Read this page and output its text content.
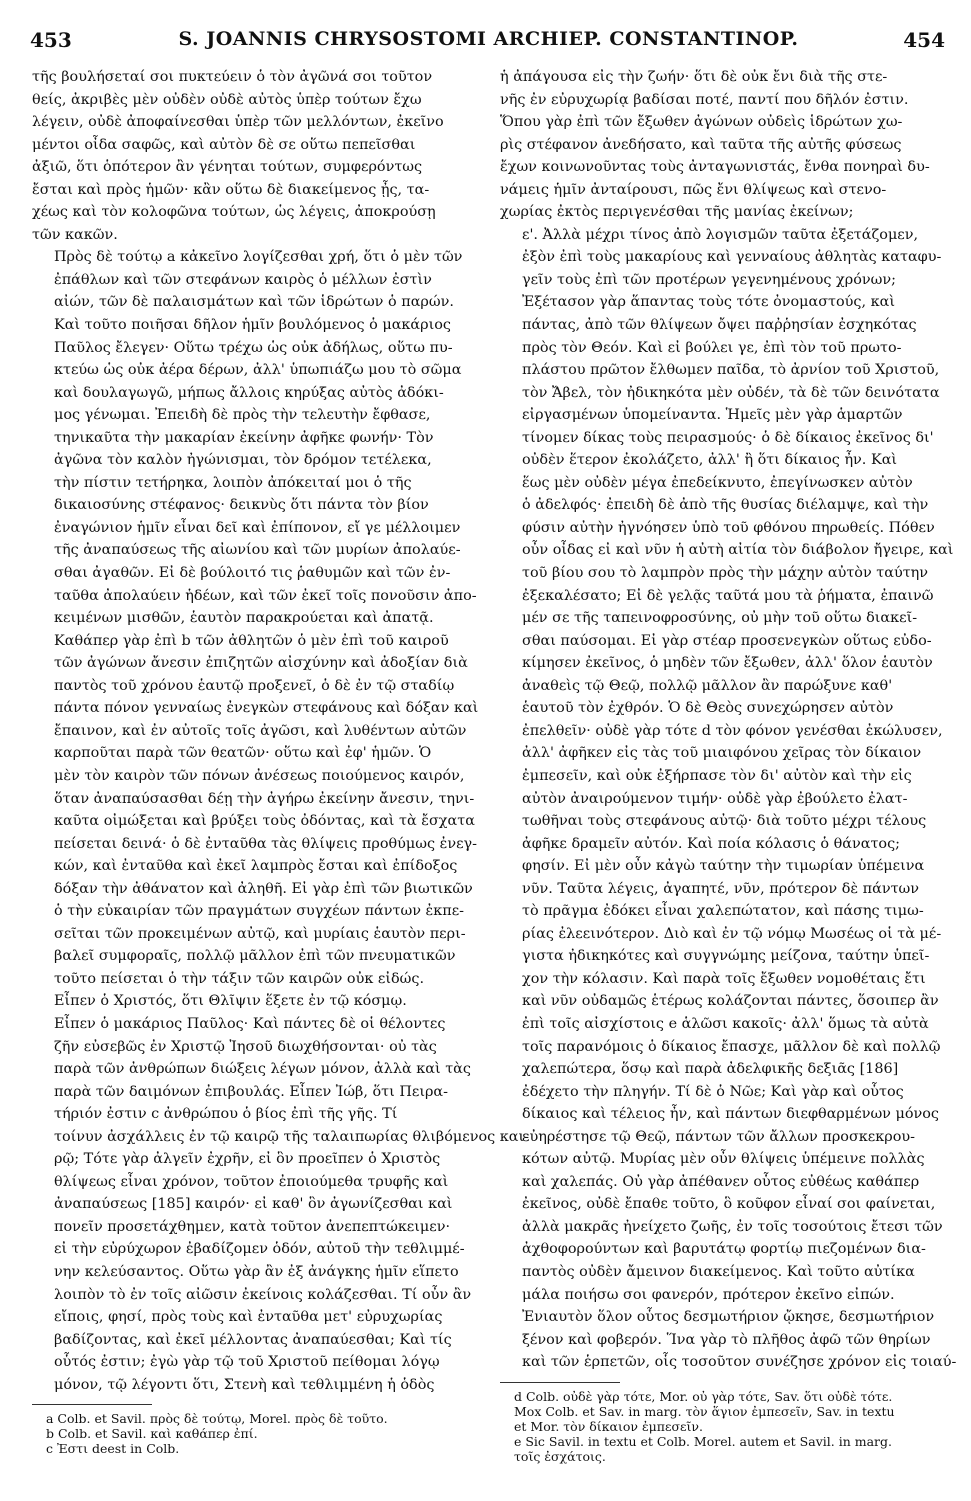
453	S. JOANNIS CHRYSOSTOMI ARCHIEP. CONSTANTINOP.	454
τῆς βουλήσεταί σοι πυκτεύειν ὁ τὸν ἀγῶνά σοι τοῦτον
θείς, ἀκριβὲς μὲν οὐδὲν οὐδὲ αὐτὸς ὑπὲρ τούτων ἔχω
λέγειν, οὐδὲ ἀποφαίνεσθαι ὑπὲρ τῶν μελλόντων, ἐκεῖνο
μέντοι οἶδα σαφῶς, καὶ αὐτὸν δὲ σε οὕτω πεπεῖσθαι
ἀξιῶ, ὅτι ὁπότερον ἂν γένηται τούτων, συμφερόντως
ἔσται καὶ πρὸς ἡμῶν· κἂν οὕτω δὲ διακείμενος ᾖς, τα-
χέως καὶ τὸν κολοφῶνα τούτων, ὡς λέγεις, ἀποκρούσῃ
τῶν κακῶν.
Πρὸς δὲ τούτῳ a κἀκεῖνο λογίζεσθαι χρή, ὅτι ὁ μὲν τῶν
ἐπάθλων καὶ τῶν στεφάνων καιρὸς ὁ μέλλων ἐστὶν
αἰών, τῶν δὲ παλαισμάτων καὶ τῶν ἱδρώτων ὁ παρών.
Καὶ τοῦτο ποιῆσαι δῆλον ἡμῖν βουλόμενος ὁ μακάριος
Παῦλος ἔλεγεν· Οὕτω τρέχω ὡς οὐκ ἀδήλως, οὕτω πυ-
κτεύω ὡς οὐκ ἀέρα δέρων, ἀλλ' ὑπωπιάζω μου τὸ σῶμα
καὶ δουλαγωγῶ, μήπως ἄλλοις κηρύξας αὐτὸς ἀδόκι-
μος γένωμαι. Ἐπειδὴ δὲ πρὸς τὴν τελευτὴν ἔφθασε,
τηνικαῦτα τὴν μακαρίαν ἐκείνην ἀφῆκε φωνήν· Τὸν
ἀγῶνα τὸν καλὸν ἠγώνισμαι, τὸν δρόμον τετέλεκα,
τὴν πίστιν τετήρηκα, λοιπὸν ἀπόκειταί μοι ὁ τῆς
δικαιοσύνης στέφανος· δεικνὺς ὅτι πάντα τὸν βίον
ἐναγώνιον ἡμῖν εἶναι δεῖ καὶ ἐπίπονον, εἴ γε μέλλοιμεν
τῆς ἀναπαύσεως τῆς αἰωνίου καὶ τῶν μυρίων ἀπολαύε-
σθαι ἀγαθῶν. Εἰ δὲ βούλοιτό τις ῥαθυμῶν καὶ τῶν ἐν-
ταῦθα ἀπολαύειν ἡδέων, καὶ τῶν ἐκεῖ τοῖς πονοῦσιν ἀπο-
κειμένων μισθῶν, ἑαυτὸν παρακρούεται καὶ ἀπατᾷ.
Καθάπερ γὰρ ἐπὶ b τῶν ἀθλητῶν ὁ μὲν ἐπὶ τοῦ καιροῦ
τῶν ἀγώνων ἄνεσιν ἐπιζητῶν αἰσχύνην καὶ ἀδοξίαν διὰ
παντὸς τοῦ χρόνου ἑαυτῷ προξενεῖ, ὁ δὲ ἐν τῷ σταδίῳ
πάντα πόνον γενναίως ἐνεγκὼν στεφάνους καὶ δόξαν καὶ
ἔπαινον, καὶ ἐν αὐτοῖς τοῖς ἀγῶσι, καὶ λυθέντων αὐτῶν
καρποῦται παρὰ τῶν θεατῶν· οὕτω καὶ ἐφ' ἡμῶν. Ὁ
μὲν τὸν καιρὸν τῶν πόνων ἀνέσεως ποιούμενος καιρόν,
ὅταν ἀναπαύσασθαι δέῃ τὴν ἀγήρω ἐκείνην ἄνεσιν, τηνι-
καῦτα οἰμώξεται καὶ βρύξει τοὺς ὀδόντας, καὶ τὰ ἔσχατα
πείσεται δεινά· ὁ δὲ ἐνταῦθα τὰς θλίψεις προθύμως ἐνεγ-
κών, καὶ ἐνταῦθα καὶ ἐκεῖ λαμπρὸς ἔσται καὶ ἐπίδοξος
δόξαν τὴν ἀθάνατον καὶ ἀληθῆ. Εἰ γὰρ ἐπὶ τῶν βιωτικῶν
ὁ τὴν εὐκαιρίαν τῶν πραγμάτων συγχέων πάντων ἐκπε-
σεῖται τῶν προκειμένων αὐτῷ, καὶ μυρίαις ἑαυτὸν περι-
βαλεῖ συμφοραῖς, πολλῷ μᾶλλον ἐπὶ τῶν πνευματικῶν
τοῦτο πείσεται ὁ τὴν τάξιν τῶν καιρῶν οὐκ εἰδώς.
Εἶπεν ὁ Χριστός, ὅτι Θλῖψιν ἕξετε ἐν τῷ κόσμῳ.
Εἶπεν ὁ μακάριος Παῦλος· Καὶ πάντες δὲ οἱ θέλοντες
ζῆν εὐσεβῶς ἐν Χριστῷ Ἰησοῦ διωχθήσονται· οὐ τὰς
παρὰ τῶν ἀνθρώπων διώξεις λέγων μόνον, ἀλλὰ καὶ τὰς
παρὰ τῶν δαιμόνων ἐπιβουλάς. Εἶπεν Ἰώβ, ὅτι Πειρα-
τήριόν ἐστιν c ἀνθρώπου ὁ βίος ἐπὶ τῆς γῆς. Τί
τοίνυν ἀσχάλλεις ἐν τῷ καιρῷ τῆς ταλαιπωρίας θλιβόμενος και-
ρῷ; Τότε γὰρ ἀλγεῖν ἐχρῆν, εἰ ὃν προεῖπεν ὁ Χριστὸς
θλίψεως εἶναι χρόνον, τοῦτον ἐποιούμεθα τρυφῆς καὶ
ἀναπαύσεως [185] καιρόν· εἰ καθ' ὃν ἀγωνίζεσθαι καὶ
πονεῖν προσετάχθημεν, κατὰ τοῦτον ἀνεπεπτώκειμεν·
εἰ τὴν εὐρύχωρον ἐβαδίζομεν ὁδόν, αὐτοῦ τὴν τεθλιμμέ-
νην κελεύσαντος. Οὕτω γὰρ ἂν ἐξ ἀνάγκης ἡμῖν εἵπετο
λοιπὸν τὸ ἐν τοῖς αἰῶσιν ἐκείνοις κολάζεσθαι. Τί οὖν ἂν
εἴποις, φησί, πρὸς τοὺς καὶ ἐνταῦθα μετ' εὐρυχωρίας
βαδίζοντας, καὶ ἐκεῖ μέλλοντας ἀναπαύεσθαι; Καὶ τίς
οὗτός ἐστιν; ἐγὼ γὰρ τῷ τοῦ Χριστοῦ πείθομαι λόγῳ
μόνον, τῷ λέγοντι ὅτι, Στενὴ καὶ τεθλιμμένη ἡ ὁδὸς
a Colb. et Savil. πρὸς δὲ τούτῳ, Morel. πρὸς δὲ τοῦτο.
b Colb. et Savil. καὶ καθάπερ ἐπί.
c Ἐστι deest in Colb.
ἡ ἀπάγουσα εἰς τὴν ζωήν· ὅτι δὲ οὐκ ἔνι διὰ τῆς στε-
νῆς ἐν εὐρυχωρίᾳ βαδίσαι ποτέ, παντί που δῆλόν ἐστιν.
Ὅπου γὰρ ἐπὶ τῶν ἔξωθεν ἀγώνων οὐδεὶς ἱδρώτων χω-
ρὶς στέφανον ἀνεδήσατο, καὶ ταῦτα τῆς αὐτῆς φύσεως
ἔχων κοινωνοῦντας τοὺς ἀνταγωνιστάς, ἔνθα πονηραὶ δυ-
νάμεις ἡμῖν ἀνταίρουσι, πῶς ἔνι θλίψεως καὶ στενο-
χωρίας ἐκτὸς περιγενέσθαι τῆς μανίας ἐκείνων;
ε'. Ἀλλὰ μέχρι τίνος ἀπὸ λογισμῶν ταῦτα ἐξετάζομεν,
ἐξὸν ἐπὶ τοὺς μακαρίους καὶ γενναίους ἀθλητὰς καταφυ-
γεῖν τοὺς ἐπὶ τῶν προτέρων γεγενημένους χρόνων;
Ἐξέτασον γὰρ ἅπαντας τοὺς τότε ὀνομαστούς, καὶ
πάντας, ἀπὸ τῶν θλίψεων ὄψει παῤῥησίαν ἐσχηκότας
πρὸς τὸν Θεόν. Καὶ εἰ βούλει γε, ἐπὶ τὸν τοῦ πρωτο-
πλάστου πρῶτον ἔλθωμεν παῖδα, τὸ ἀρνίον τοῦ Χριστοῦ,
τὸν Ἄβελ, τὸν ἠδικηκότα μὲν οὐδέν, τὰ δὲ τῶν δεινότατα
εἰργασμένων ὑπομείναντα. Ἡμεῖς μὲν γὰρ ἁμαρτῶν
τίνομεν δίκας τοὺς πειρασμούς· ὁ δὲ δίκαιος ἐκεῖνος δι'
οὐδὲν ἕτερον ἐκολάζετο, ἀλλ' ἢ ὅτι δίκαιος ἦν. Καὶ
ἕως μὲν οὐδὲν μέγα ἐπεδείκνυτο, ἐπεγίνωσκεν αὐτὸν
ὁ ἀδελφός· ἐπειδὴ δὲ ἀπὸ τῆς θυσίας διέλαμψε, καὶ τὴν
φύσιν αὐτὴν ἠγνόησεν ὑπὸ τοῦ φθόνου πηρωθείς. Πόθεν
οὖν οἶδας εἰ καὶ νῦν ἡ αὐτὴ αἰτία τὸν διάβολον ἤγειρε, καὶ
τοῦ βίου σου τὸ λαμπρὸν πρὸς τὴν μάχην αὐτὸν ταύτην
ἐξεκαλέσατο; Εἰ δὲ γελᾷς ταῦτά μου τὰ ῥήματα, ἐπαινῶ
μέν σε τῆς ταπεινοφροσύνης, οὐ μὴν τοῦ οὕτω διακεῖ-
σθαι παύσομαι. Εἰ γὰρ στέαρ προσενεγκὼν οὕτως εὐδο-
κίμησεν ἐκεῖνος, ὁ μηδὲν τῶν ἔξωθεν, ἀλλ' ὅλον ἑαυτὸν
ἀναθεὶς τῷ Θεῷ, πολλῷ μᾶλλον ἂν παρώξυνε καθ'
ἑαυτοῦ τὸν ἐχθρόν. Ὁ δὲ Θεὸς συνεχώρησεν αὐτὸν
ἐπελθεῖν· οὐδὲ γὰρ τότε d τὸν φόνον γενέσθαι ἐκώλυσεν,
ἀλλ' ἀφῆκεν εἰς τὰς τοῦ μιαιφόνου χεῖρας τὸν δίκαιον
ἐμπεσεῖν, καὶ οὐκ ἐξήρπασε τὸν δι' αὐτὸν καὶ τὴν εἰς
αὐτὸν ἀναιρούμενον τιμήν· οὐδὲ γὰρ ἐβούλετο ἐλατ-
τωθῆναι τοὺς στεφάνους αὐτῷ· διὰ τοῦτο μέχρι τέλους
ἀφῆκε δραμεῖν αὐτόν. Καὶ ποία κόλασις ὁ θάνατος;
φησίν. Εἰ μὲν οὖν κἀγὼ ταύτην τὴν τιμωρίαν ὑπέμεινα
νῦν. Ταῦτα λέγεις, ἀγαπητέ, νῦν, πρότερον δὲ πάντων
τὸ πρᾶγμα ἐδόκει εἶναι χαλεπώτατον, καὶ πάσης τιμω-
ρίας ἐλεεινότερον. Διὸ καὶ ἐν τῷ νόμῳ Μωσέως οἱ τὰ μέ-
γιστα ἠδικηκότες καὶ συγγνώμης μείζονα, ταύτην ὑπεῖ-
χον τὴν κόλασιν. Καὶ παρὰ τοῖς ἔξωθεν νομοθέταις ἔτι
καὶ νῦν οὐδαμῶς ἑτέρως κολάζονται πάντες, ὅσοιπερ ἂν
ἐπὶ τοῖς αἰσχίστοις e ἁλῶσι κακοῖς· ἀλλ' ὅμως τὰ αὐτὰ
τοῖς παρανόμοις ὁ δίκαιος ἔπασχε, μᾶλλον δὲ καὶ πολλῷ
χαλεπώτερα, ὅσῳ καὶ παρὰ ἀδελφικῆς δεξιᾶς [186]
ἐδέχετο τὴν πληγήν. Τί δὲ ὁ Νῶε; Καὶ γὰρ καὶ οὗτος
δίκαιος καὶ τέλειος ἦν, καὶ πάντων διεφθαρμένων μόνος
εὐηρέστησε τῷ Θεῷ, πάντων τῶν ἄλλων προσκεκρου-
κότων αὐτῷ. Μυρίας μὲν οὖν θλίψεις ὑπέμεινε πολλὰς
καὶ χαλεπάς. Οὐ γὰρ ἀπέθανεν οὗτος εὐθέως καθάπερ
ἐκεῖνος, οὐδὲ ἔπαθε τοῦτο, ὃ κοῦφον εἶναί σοι φαίνεται,
ἀλλὰ μακρᾶς ἠνείχετο ζωῆς, ἐν τοῖς τοσούτοις ἔτεσι τῶν
ἀχθοφορούντων καὶ βαρυτάτῳ φορτίῳ πιεζομένων δια-
παντὸς οὐδὲν ἄμεινον διακείμενος. Καὶ τοῦτο αὐτίκα
μάλα ποιήσω σοι φανερόν, πρότερον ἐκεῖνο εἰπών.
Ἐνιαυτὸν ὅλον οὗτος δεσμωτήριον ᾤκησε, δεσμωτήριον
ξένον καὶ φοβερόν. Ἵνα γὰρ τὸ πλῆθος ἀφῶ τῶν θηρίων
καὶ τῶν ἑρπετῶν, οἷς τοσοῦτον συνέζησε χρόνον εἰς τοιαύ-
d Colb. οὐδὲ γὰρ τότε, Mor. οὐ γὰρ τότε, Sav. ὅτι οὐδὲ τότε.
Mox Colb. et Sav. in marg. τὸν ἅγιον ἐμπεσεῖν, Sav. in textu
et Mor. τὸν δίκαιον ἐμπεσεῖν.
e Sic Savil. in textu et Colb. Morel. autem et Savil. in marg.
τοῖς ἐσχάτοις.
